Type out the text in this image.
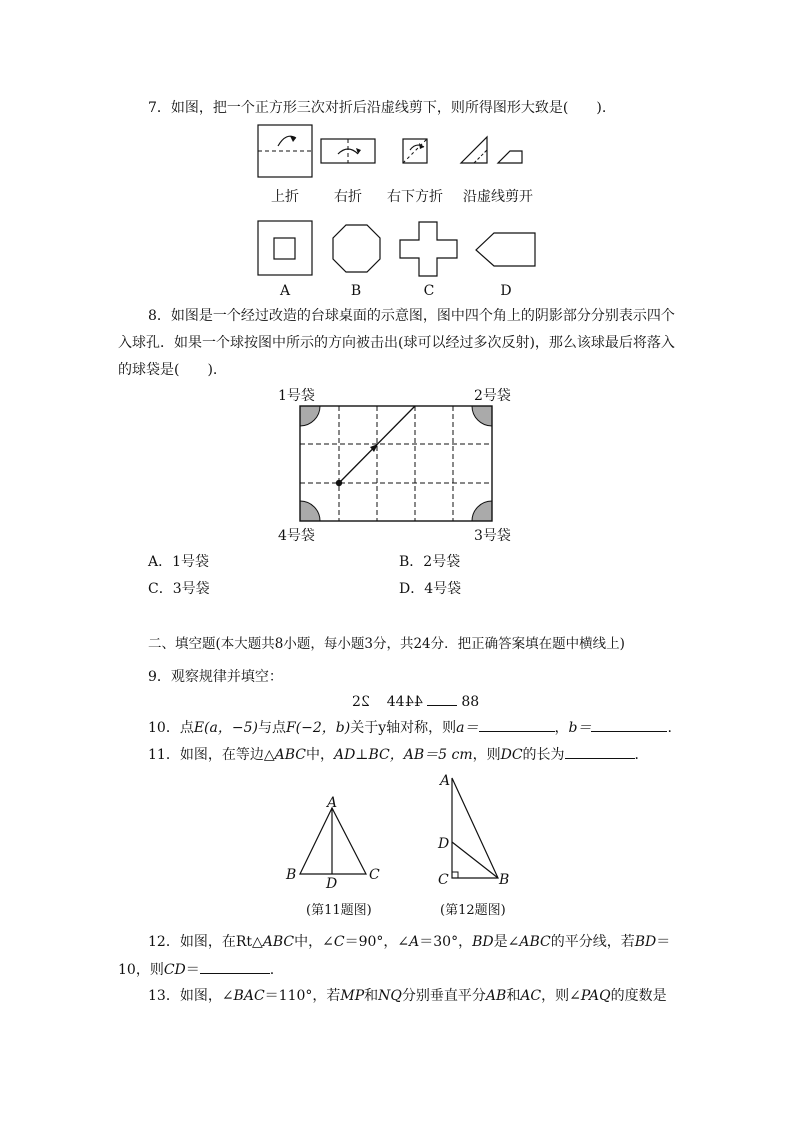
7．如图，把一个正方形三次对折后沿虚线剪下，则所得图形大致是(　　).
上折	右折	右下方折	沿虚线剪开
A	B	C	D
8．如图是一个经过改造的台球桌面的示意图，图中四个角上的阴影部分分别表示四个
入球孔．如果一个球按图中所示的方向被击出(球可以经过多次反射)，那么该球最后将落入
的球袋是(　　).
1号袋	2号袋
4号袋	3号袋
A．1号袋	B．2号袋
C．3号袋	D．4号袋
二、填空题(本大题共8小题，每小题3分，共24分．把正确答案填在题中横线上)
9．观察规律并填空：
22 4444	88
10．点E(a，−5)与点F(−2，b)关于y轴对称，则a＝	，b＝	.
11．如图，在等边△ABC中，AD⊥BC，AB＝5 cm，则DC的长为	．
A
B	C
D
(第11题图)
A
D
C	B
(第12题图)
12．如图，在Rt△ABC中，∠C＝90°，∠A＝30°，BD是∠ABC的平分线，若BD＝
10，则CD＝	.
13．如图，∠BAC＝110°，若MP和NQ分别垂直平分AB和AC，则∠PAQ的度数是
